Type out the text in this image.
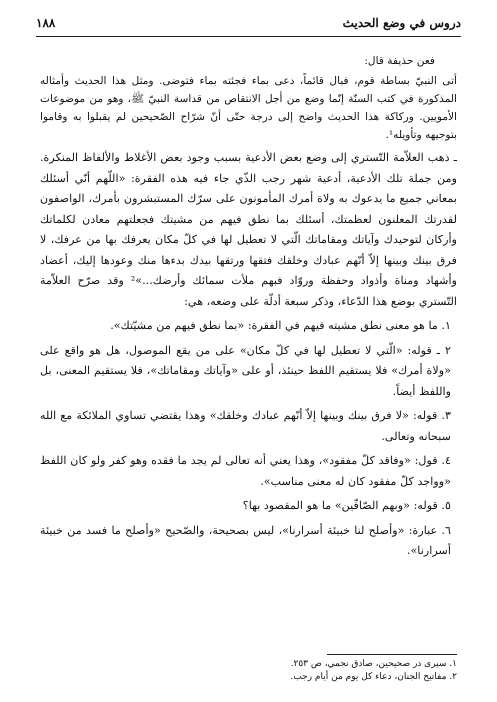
دروس في وضع الحديث
١٨٨

فعن حذيفة قال:

أتى النبيّ بساطة قوم، فبال قائماً، دعى بماء فجئته بماء فتوضى. ومثل هذا الحديث وأمثاله المذكورة في كتب السنّة إنّما وضع من أجل الانتقاص من قداسة النبيّ ﷺ، وهو من موضوعات الأمويين. وركاكة هذا الحديث واضح إلى درجة حتّى أنّ شرّاح الصّحيحين لم يقبلوا به وقاموا بتوجيهه وتأويله¹.

ـ ذهب العلاّمة التّستري إلى وضع بعض الأدعية بسبب وجود بعض الأغلاط والألفاظ المنكرة. ومن جملة تلك الأدعية، أدعية شهر رجب الذّي جاء فيه هذه الفقرة: «اللّهم أنّي أسئلك بمعاني جميع ما يدعوك به ولاة أمرك المأمونون على سرّك المستبشرون بأمرك، الواصفون لقدرتك المعلنون لعظمتك، أسئلك بما نطق فيهم من مشيتك فجعلتهم معادن لكلماتك وأركان لتوحيدك وآياتك ومقاماتك الّتي لا تعطيل لها في كلّ مكان يعرفك بها من عرفك، لا فرق بينك وبينها إلاّ أنّهم عبادك وخلقك فتقها ورتقها بيدك بدءها منك وعودها إليك، أعضاد وأشهاد ومناة وأذواد وحفظة وروّاد فبهم ملأت سمائك وأرضك...»² وقد صرّح العلاّمة التّستري بوضع هذا الدّعاء، وذكر سبعة أدلّة على وضعه، هي:

١. ما هو معنى نطق مشيته فيهم في الفقرة: «بما نطق فيهم من مشيّتك».

٢ ـ قوله: «الّتي لا تعطيل لها في كلّ مكان» على من يقع الموصول، هل هو واقع على «ولاة أمرك» فلا يستقيم اللفظ حينئذ، أو على «وآياتك ومقاماتك»، فلا يستقيم المعنى، بل واللفظ أيضاً.

٣. قوله: «لا فرق بينك وبينها إلاّ أنّهم عبادك وخلقك» وهذا يقتضي تساوي الملائكة مع الله سبحانه وتعالى.

٤. قول: «وفاقد كلّ مفقود»، وهذا يعني أنه تعالى لم يجد ما فقده وهو كفر ولو كان اللفظ «وواجد كلّ مفقود كان له معنى مناسب».

٥. قوله: «وبهم الصّافّين» ما هو المقصود بها؟

٦. عبارة: «وأصلح لنا خبيئة أسرارنا»، ليس بصحيحة، والصّحيح «وأصلح ما فسد من خبيئة أسرارنا».

١. سيرى در صحيحين، صادق نجمي، ص ٢٥٣.

٢. مفاتيح الجنان، دعاء كل يوم من أيام رجب.
